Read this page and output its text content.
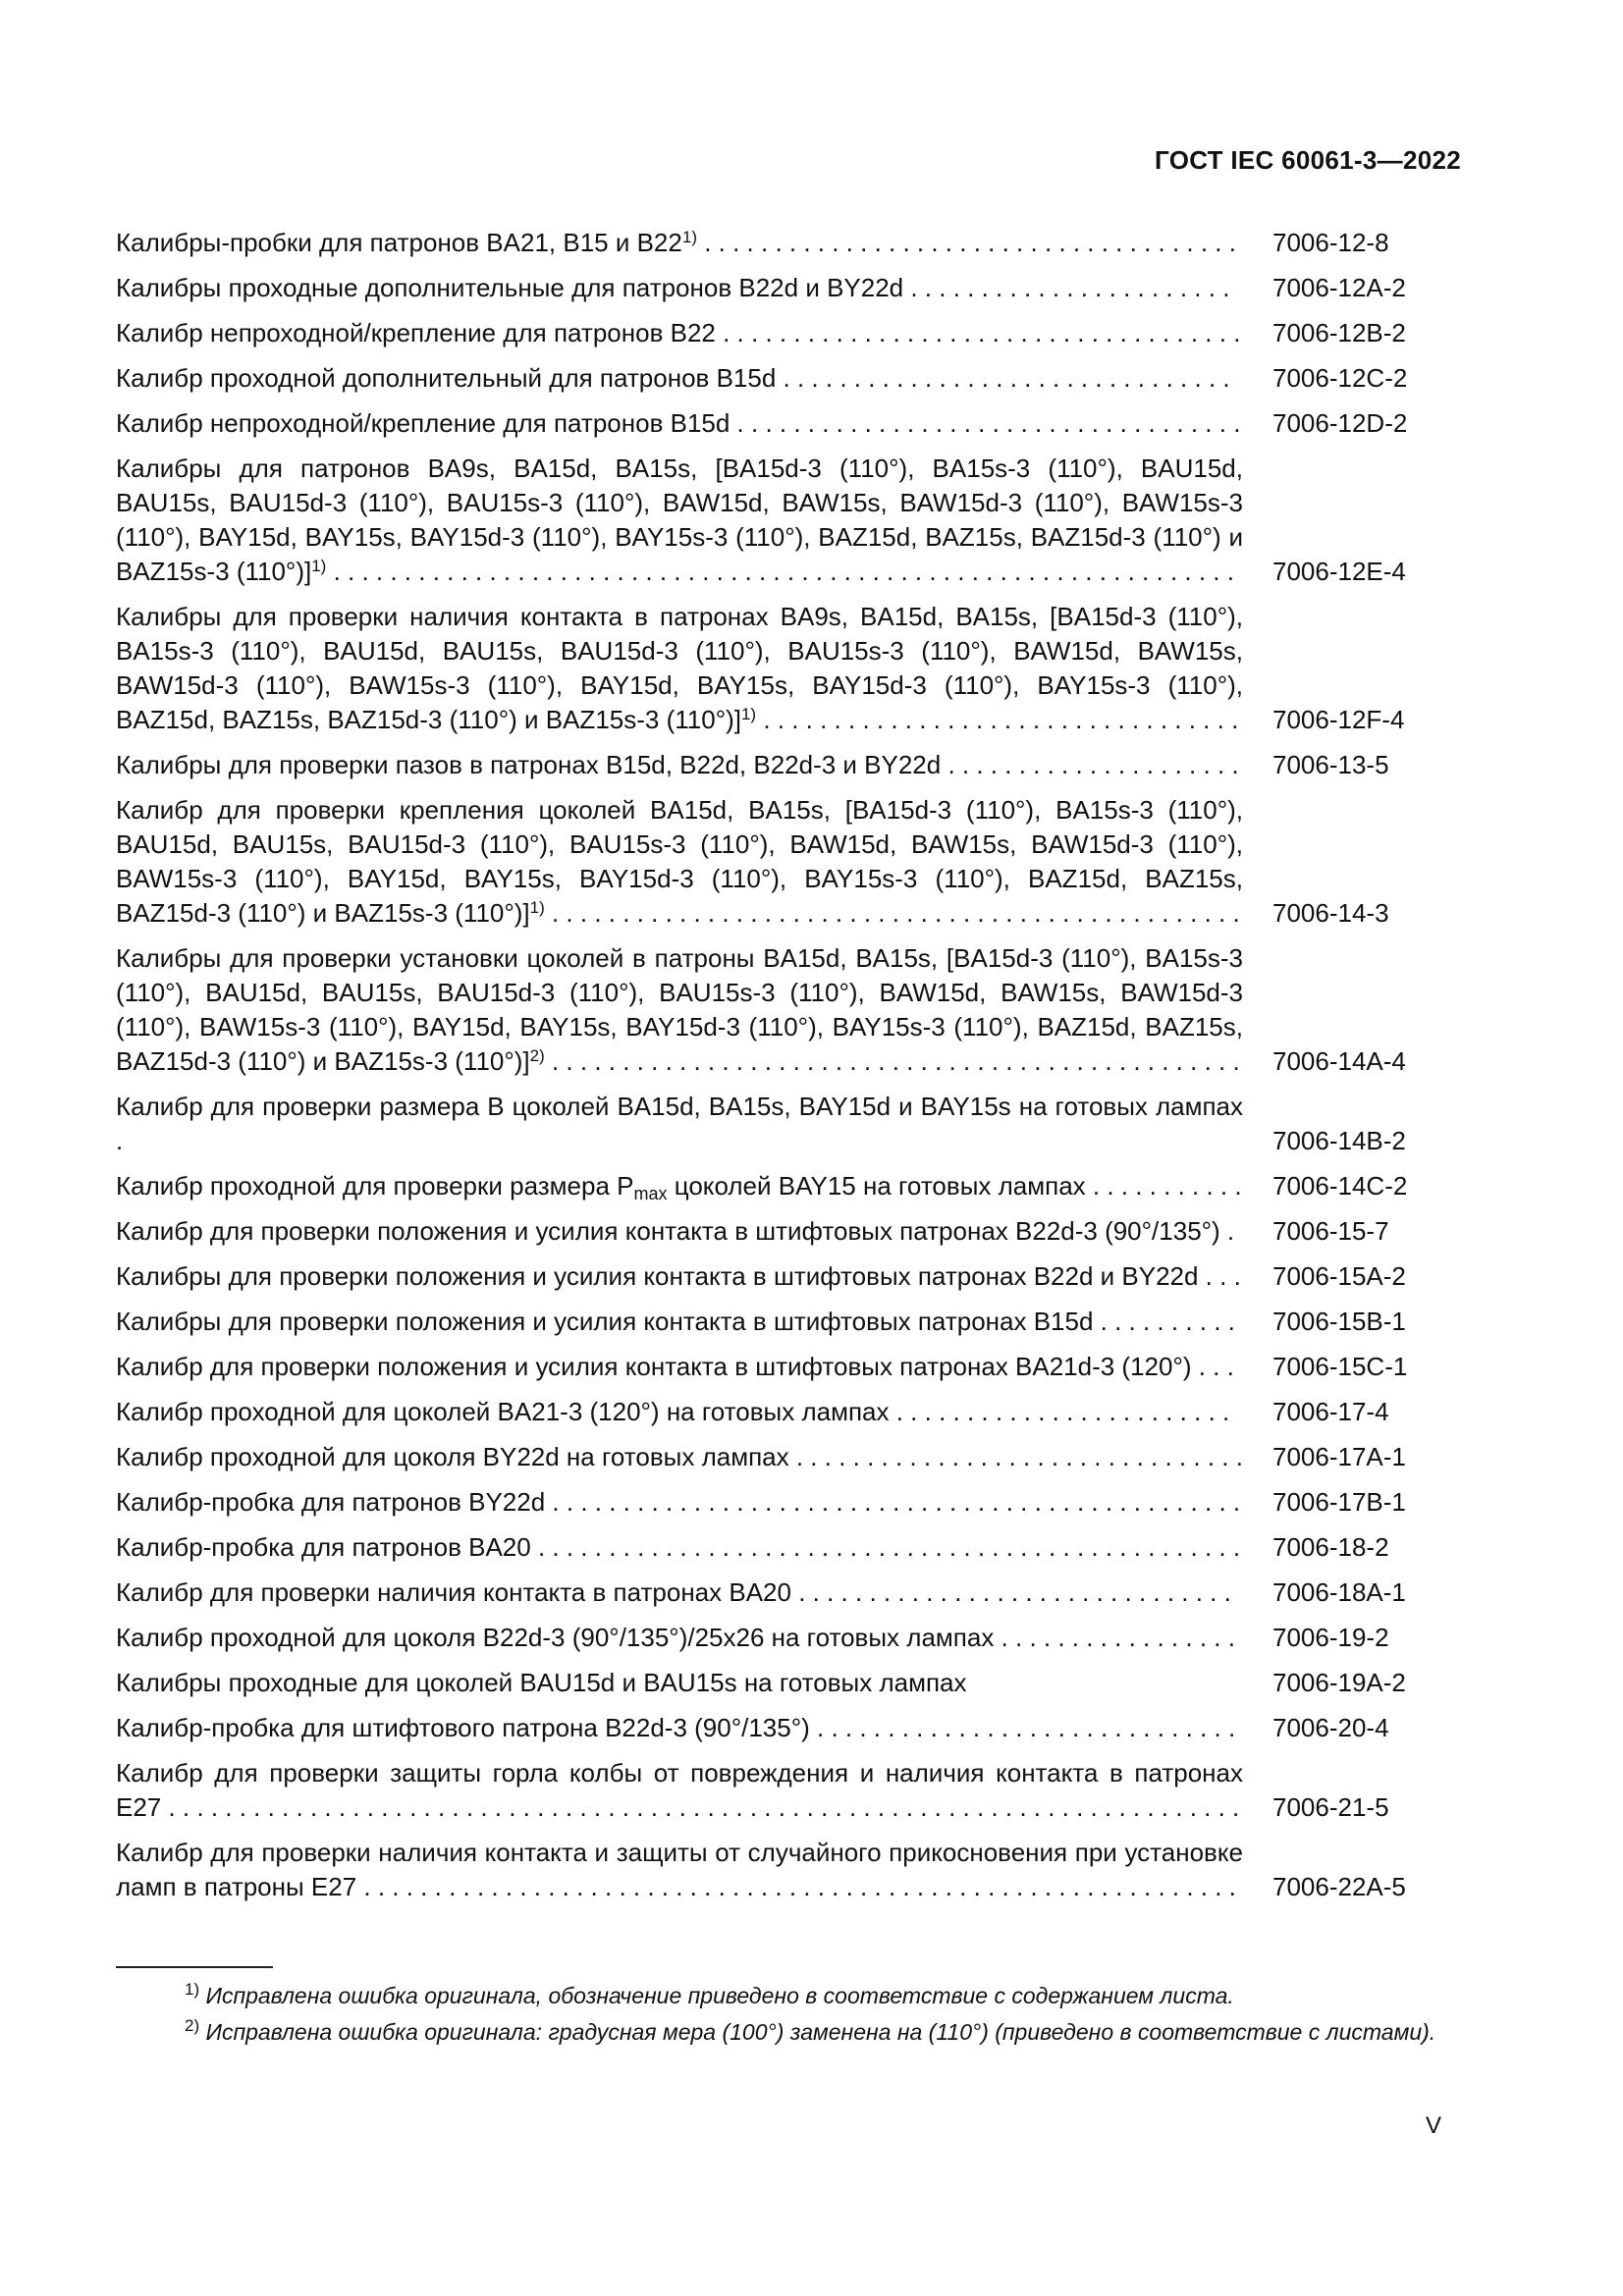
ГОСТ IEC 60061-3—2022
Калибры-пробки для патронов BA21, B15 и B22$^{1)}$ . . . . . . . . . . . . . . . . . . . . . . . . . . . . . . . . . . . . . . 7006-12-8
Калибры проходные дополнительные для патронов B22d и BY22d . . . . . . . . . . . . . . . . . . . . . . .	7006-12A-2
Калибр непроходной/крепление для патронов B22 . . . . . . . . . . . . . . . . . . . . . . . . . . . . . . . . . . . . . 7006-12B-2
Калибр проходной дополнительный для патронов B15d . . . . . . . . . . . . . . . . . . . . . . . . . . . . . . . .	7006-12C-2
Калибр непроходной/крепление для патронов B15d . . . . . . . . . . . . . . . . . . . . . . . . . . . . . . . . . . . . 7006-12D-2
Калибры для патронов BA9s, BA15d, BA15s, [BA15d-3 (110°), BA15s-3 (110°), BAU15d, BAU15s, BAU15d-3 (110°), BAU15s-3 (110°), BAW15d, BAW15s, BAW15d-3 (110°), BAW15s-3 (110°), BAY15d, BAY15s, BAY15d-3 (110°), BAY15s-3 (110°), BAZ15d, BAZ15s, BAZ15d-3 (110°) и BAZ15s-3 (110°)]$^{1)}$ . . . . . . . . . . . . . . . . . . . . . . . . . . . . . . . . . . . . . . . . . . . . . . . . . . . . . . . . . . . . . . . .	7006-12E-4
Калибры для проверки наличия контакта в патронах BA9s, BA15d, BA15s, [BA15d-3 (110°), BA15s-3 (110°), BAU15d, BAU15s, BAU15d-3 (110°), BAU15s-3 (110°), BAW15d, BAW15s, BAW15d-3 (110°), BAW15s-3 (110°), BAY15d, BAY15s, BAY15d-3 (110°), BAY15s-3 (110°), BAZ15d, BAZ15s, BAZ15d-3 (110°) и BAZ15s-3 (110°)]$^{1)}$ . . . . . . . . . . . . . . . . . . . . . . . . . . . . . . . . . . 7006-12F-4
Калибры для проверки пазов в патронах B15d, B22d, B22d-3 и BY22d . . . . . . . . . . . . . . . . . . . . . 7006-13-5
Калибр для проверки крепления цоколей BA15d, BA15s, [BA15d-3 (110°), BA15s-3 (110°), BAU15d, BAU15s, BAU15d-3 (110°), BAU15s-3 (110°), BAW15d, BAW15s, BAW15d-3 (110°), BAW15s-3 (110°), BAY15d, BAY15s, BAY15d-3 (110°), BAY15s-3 (110°), BAZ15d, BAZ15s, BAZ15d-3 (110°) и BAZ15s-3 (110°)]$^{1)}$ . . . . . . . . . . . . . . . . . . . . . . . . . . . . . . . . . . . . . . . . . . . . . . . . . 7006-14-3
Калибры для проверки установки цоколей в патроны BA15d, BA15s, [BA15d-3 (110°), BA15s-3 (110°), BAU15d, BAU15s, BAU15d-3 (110°), BAU15s-3 (110°), BAW15d, BAW15s, BAW15d-3 (110°), BAW15s-3 (110°), BAY15d, BAY15s, BAY15d-3 (110°), BAY15s-3 (110°), BAZ15d, BAZ15s, BAZ15d-3 (110°) и BAZ15s-3 (110°)]$^{2)}$ . . . . . . . . . . . . . . . . . . . . . . . . . . . . . . . . . . . . . . . . . . . . . . . . . 7006-14A-4
Калибр для проверки размера B цоколей BA15d, BA15s, BAY15d и BAY15s на готовых лампах .	7006-14B-2
Калибр проходной для проверки размера $P_{max}$ цоколей BAY15 на готовых лампах . . . . . . . . . . . 7006-14C-2
Калибр для проверки положения и усилия контакта в штифтовых патронах B22d-3 (90°/135°) .	7006-15-7
Калибры для проверки положения и усилия контакта в штифтовых патронах B22d и BY22d . . . 7006-15A-2
Калибры для проверки положения и усилия контакта в штифтовых патронах B15d . . . . . . . . . .	7006-15B-1
Калибр для проверки положения и усилия контакта в штифтовых патронах BA21d-3 (120°) . . .	7006-15C-1
Калибр проходной для цоколей BA21-3 (120°) на готовых лампах . . . . . . . . . . . . . . . . . . . . . . . .	7006-17-4
Калибр проходной для цоколя BY22d на готовых лампах . . . . . . . . . . . . . . . . . . . . . . . . . . . . . . . . 7006-17A-1
Калибр-пробка для патронов BY22d . . . . . . . . . . . . . . . . . . . . . . . . . . . . . . . . . . . . . . . . . . . . . . . . . 7006-17B-1
Калибр-пробка для патронов BA20 . . . . . . . . . . . . . . . . . . . . . . . . . . . . . . . . . . . . . . . . . . . . . . . . . . 7006-18-2
Калибр для проверки наличия контакта в патронах BA20 . . . . . . . . . . . . . . . . . . . . . . . . . . . . . . .	7006-18A-1
Калибр проходной для цоколя B22d-3 (90°/135°)/25x26 на готовых лампах . . . . . . . . . . . . . . . . .	7006-19-2
Калибры проходные для цоколей BAU15d и BAU15s на готовых лампах	7006-19A-2
Калибр-пробка для штифтового патрона B22d-3 (90°/135°) . . . . . . . . . . . . . . . . . . . . . . . . . . . . . . 7006-20-4
Калибр для проверки защиты горла колбы от повреждения и наличия контакта в патронах E27 . . . . . . . . . . . . . . . . . . . . . . . . . . . . . . . . . . . . . . . . . . . . . . . . . . . . . . . . . . . . . . . . . . . . . . . . . . . . 7006-21-5
Калибр для проверки наличия контакта и защиты от случайного прикосновения при установке ламп в патроны E27 . . . . . . . . . . . . . . . . . . . . . . . . . . . . . . . . . . . . . . . . . . . . . . . . . . . . . . . . . . . . . . 7006-22A-5
$^{1)}$ Исправлена ошибка оригинала, обозначение приведено в соответствие с содержанием листа.
$^{2)}$ Исправлена ошибка оригинала: градусная мера (100°) заменена на (110°) (приведено в соответствие с листами).
V
